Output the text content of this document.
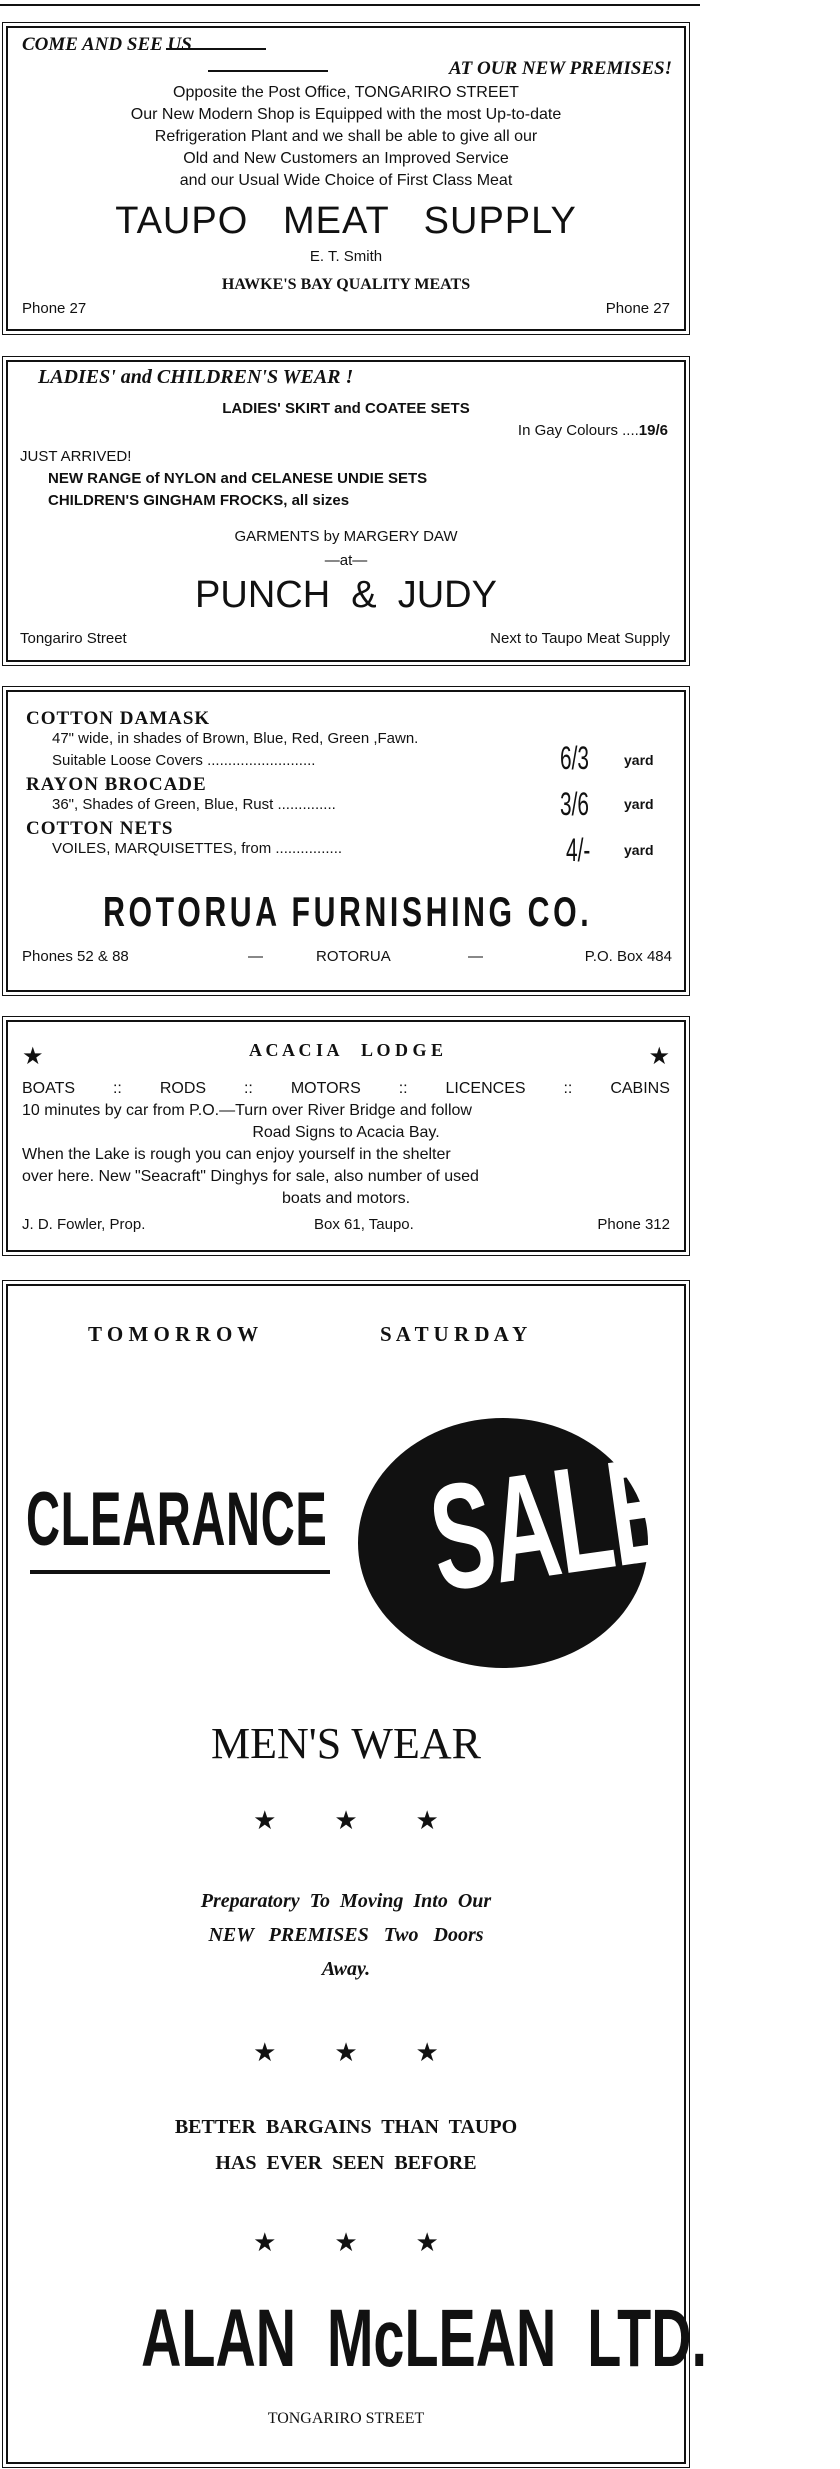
COME AND SEE US
AT OUR NEW PREMISES!
Opposite the Post Office, TONGARIRO STREET
Our New Modern Shop is Equipped with the most Up-to-date
Refrigeration Plant and we shall be able to give all our
Old and New Customers an Improved Service
and our Usual Wide Choice of First Class Meat
TAUPO   MEAT   SUPPLY
E. T. Smith
HAWKE'S BAY QUALITY MEATS
Phone 27	Phone 27
LADIES' and CHILDREN'S WEAR !
LADIES' SKIRT and COATEE SETS
In Gay Colours ....19/6
JUST ARRIVED!
NEW RANGE of NYLON and CELANESE UNDIE SETS
CHILDREN'S GINGHAM FROCKS, all sizes
GARMENTS by MARGERY DAW
—at—
PUNCH  &  JUDY
Tongariro Street	Next to Taupo Meat Supply
COTTON DAMASK
47" wide, in shades of Brown, Blue, Red, Green ,Fawn.
Suitable Loose Covers ..........................	6/3	yard
RAYON BROCADE
36", Shades of Green, Blue, Rust ..............	3/6	yard
COTTON NETS
VOILES, MARQUISETTES, from ................	4/-	yard
ROTORUA FURNISHING CO.
Phones 52 & 88	—	ROTORUA	—	P.O. Box 484
★	★
A C A C I A     L O D G E
BOATS :: RODS :: MOTORS :: LICENCES :: CABINS
10 minutes by car from P.O.—Turn over River Bridge and follow
Road Signs to Acacia Bay.
When the Lake is rough you can enjoy yourself in the shelter
over here. New "Seacraft" Dinghys for sale, also number of used
boats and motors.
J. D. Fowler, Prop.	Box 61, Taupo.	Phone 312
T O M O R R O W	S A T U R D A Y
CLEARANCE SALE
MEN'S WEAR
★       ★       ★
Preparatory  To  Moving  Into  Our
NEW   PREMISES   Two   Doors
Away.
★       ★       ★
BETTER  BARGAINS  THAN  TAUPO
HAS  EVER  SEEN  BEFORE
★       ★       ★
ALAN  McLEAN  LTD.
TONGARIRO STREET
